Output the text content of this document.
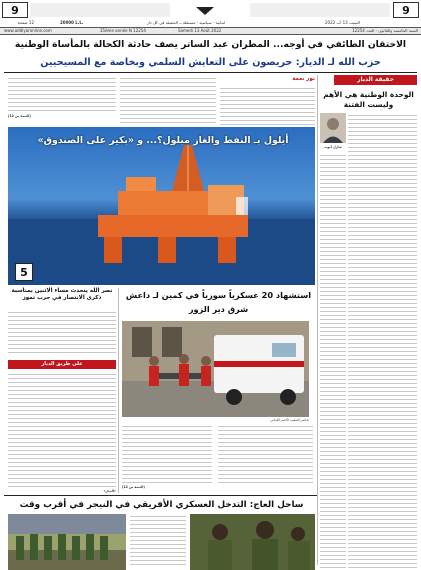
9	9
السبت 13 آب 2022
لبنانية - سياسية - مستقلة ــ الحقيقة في كل دار
20000 L.L.
12 صفحة
www.addiyaronline.com	35ème année N 12254	Samedi 13 Août 2022	السنة الخامسة والثلاثون - العدد 12254
الاحتقان الطائفي في أوجه... المطران عبد الساتر يصف حادثة الكحالة بالمأساة الوطنية
حزب الله لـ الديار: حريصون على التعايش السلمي وبخاصة مع المسيحيين
حقيقة الديار
الوحدة الوطنية هي الأهم وليست الفتنة
شارل أيوب
نور نعمة
(التتمة ص 12)
أيلول بـ النفط والغاز مبلول؟... و «بكير على الصندوق»
5
نصر الله يتحدث مساء الاثنين بمناسبة ذكرى الانتصار في حرب تموز
على طريق الديار
«الديار»
استشهاد 20 عسكرياً سورياً في كمين لـ داعش شرق دير الزور
عناصر الصليب الأحمر اللبناني
(التتمة ص 12)
ساحل العاج: التدخل العسكري الأفريقي في النيجر في أقرب وقت
